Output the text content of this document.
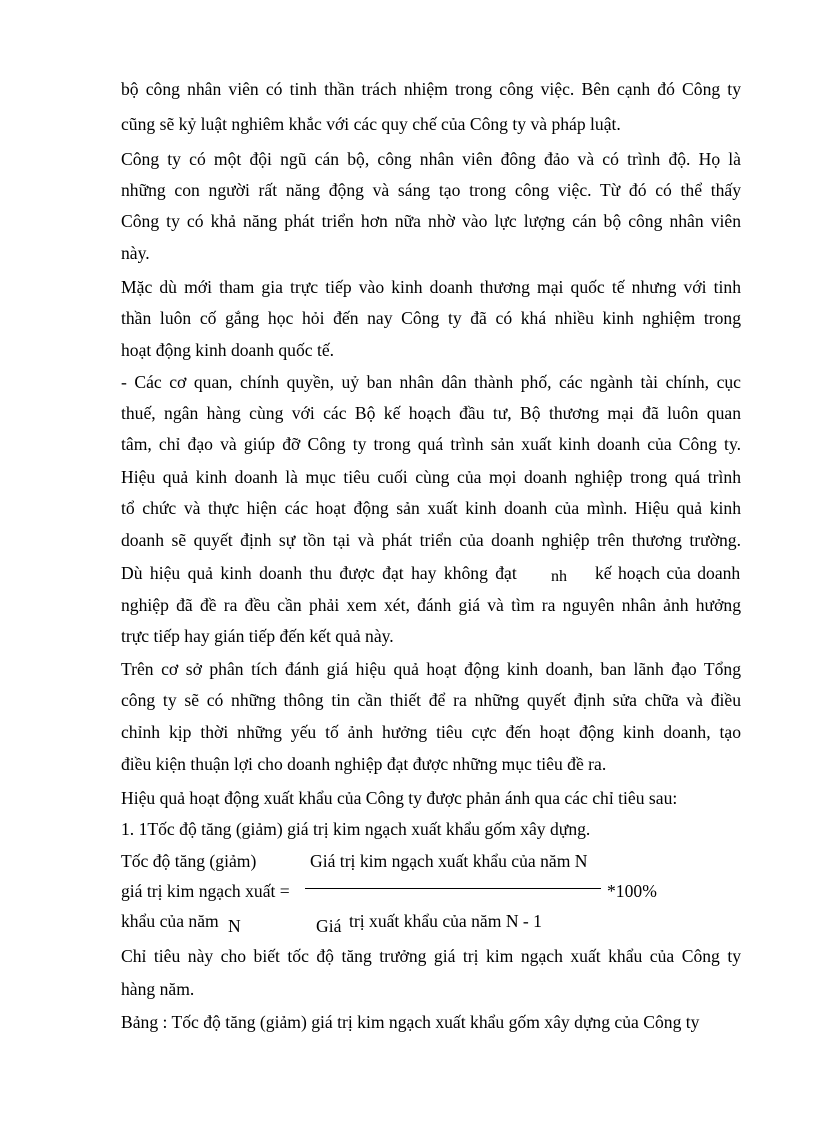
bộ công nhân viên có tinh thần trách nhiệm trong công việc. Bên cạnh đó Công ty
cũng sẽ kỷ luật nghiêm khắc với các quy chế của Công ty và pháp luật.
Công ty có một đội ngũ cán bộ, công nhân viên đông đảo và có trình độ. Họ là
những con người rất năng động và sáng tạo trong công việc. Từ đó có thể thấy
Công ty có khả năng phát triển hơn nữa nhờ vào lực lượng cán bộ công nhân viên
này.
Mặc dù mới tham gia trực tiếp vào kinh doanh thương mại quốc tế nhưng với tinh
thần luôn cố gắng học hỏi đến nay Công ty đã có khá nhiều kinh nghiệm trong
hoạt động kinh doanh quốc tế.
- Các cơ quan, chính quyền, uỷ ban nhân dân thành phố, các ngành tài chính, cục
thuế, ngân hàng cùng với các Bộ kế hoạch đầu tư, Bộ thương mại đã luôn quan
tâm, chỉ đạo và giúp đỡ Công ty trong quá trình sản xuất kinh doanh của Công ty.
Hiệu quả kinh doanh là mục tiêu cuối cùng của mọi doanh nghiệp trong quá trình
tổ chức và thực hiện các hoạt động sản xuất kinh doanh của mình. Hiệu quả kinh
doanh sẽ quyết định sự tồn tại và phát triển của doanh nghiệp trên thương trường.
Dù hiệu quả kinh doanh thu được đạt hay không đạt nh kế hoạch của doanh
nghiệp đã đề ra đều cần phải xem xét, đánh giá và tìm ra nguyên nhân ảnh hưởng
trực tiếp hay gián tiếp đến kết quả này.
Trên cơ sở phân tích đánh giá hiệu quả hoạt động kinh doanh, ban lãnh đạo Tổng
công ty sẽ có những thông tin cần thiết để ra những quyết định sửa chữa và điều
chỉnh kịp thời những yếu tố ảnh hưởng tiêu cực đến hoạt động kinh doanh, tạo
điều kiện thuận lợi cho doanh nghiệp đạt được những mục tiêu đề ra.
Hiệu quả hoạt động xuất khẩu của Công ty được phản ánh qua các chỉ tiêu sau:
1. 1Tốc độ tăng (giảm) giá trị kim ngạch xuất khẩu gốm xây dựng.
Tốc độ tăng (giảm)	Giá trị kim ngạch xuất khẩu của năm N
giá trị kim ngạch xuất =	*100%
khẩu của năm N	Giá trị xuất khẩu của năm N - 1
Chỉ tiêu này cho biết tốc độ tăng trưởng giá trị kim ngạch xuất khẩu của Công ty
hàng năm.
Bảng : Tốc độ tăng (giảm) giá trị kim ngạch xuất khẩu gốm xây dựng của Công ty
